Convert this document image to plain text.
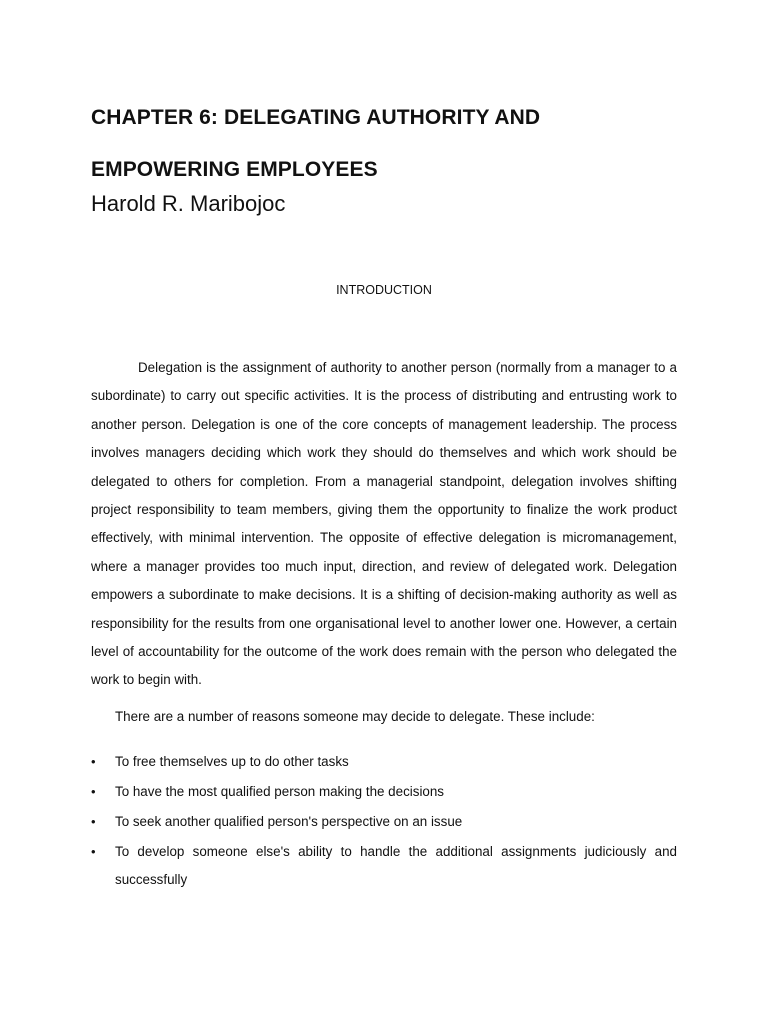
CHAPTER 6: DELEGATING AUTHORITY AND EMPOWERING EMPLOYEES

Harold R. Maribojoc

INTRODUCTION

Delegation is the assignment of authority to another person (normally from a manager to a subordinate) to carry out specific activities. It is the process of distributing and entrusting work to another person. Delegation is one of the core concepts of management leadership. The process involves managers deciding which work they should do themselves and which work should be delegated to others for completion. From a managerial standpoint, delegation involves shifting project responsibility to team members, giving them the opportunity to finalize the work product effectively, with minimal intervention. The opposite of effective delegation is micromanagement, where a manager provides too much input, direction, and review of delegated work. Delegation empowers a subordinate to make decisions. It is a shifting of decision-making authority as well as responsibility for the results from one organisational level to another lower one. However, a certain level of accountability for the outcome of the work does remain with the person who delegated the work to begin with.

There are a number of reasons someone may decide to delegate. These include:

• To free themselves up to do other tasks
• To have the most qualified person making the decisions
• To seek another qualified person's perspective on an issue
• To develop someone else's ability to handle the additional assignments judiciously and successfully
